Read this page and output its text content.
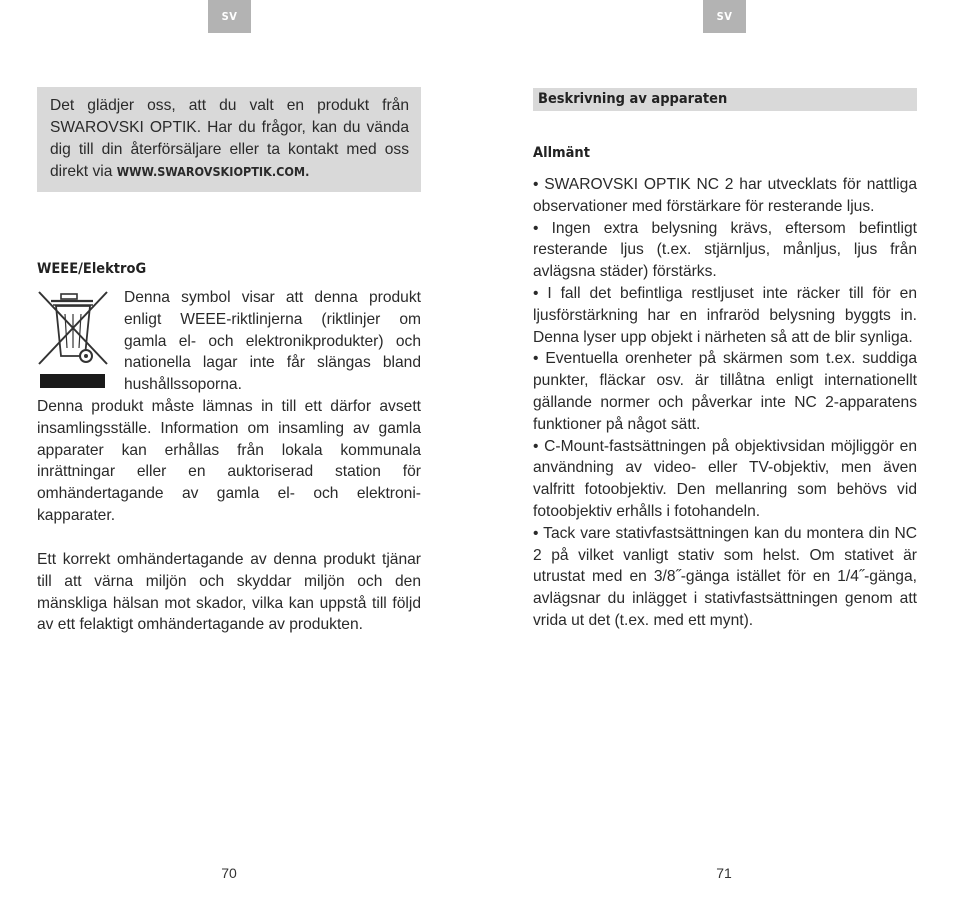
SV

Det glädjer oss, att du valt en produkt från SWAROVSKI OPTIK. Har du frågor, kan du vända dig till din återförsäljare eller ta kontakt med oss direkt via WWW.SWAROVSKIOPTIK.COM.

WEEE/ElektroG

Denna symbol visar att denna produkt enligt WEEE-riktlinjerna (riktlinjer om gamla el- och elektronikprodukter) och nationella lagar inte får slängas bland hushållssoporna.

Denna produkt måste lämnas in till ett därfor avsett insamlingsställe. Information om insamling av gamla apparater kan erhållas från lokala kommunala inrättningar eller en auktoriserad station för omhändertagande av gamla el- och elektronikapparater.

Ett korrekt omhändertagande av denna produkt tjänar till att värna miljön och skyddar miljön och den mänskliga hälsan mot skador, vilka kan uppstå till följd av ett felaktigt omhändertagande av produkten.

70
SV
Beskrivning av apparaten
Allmänt

• SWAROVSKI OPTIK NC 2 har utvecklats för nattliga observationer med förstärkare för resterande ljus.

• Ingen extra belysning krävs, eftersom befintligt resterande ljus (t.ex. stjärnljus, månljus, ljus från avlägsna städer) förstärks.

• I fall det befintliga restljuset inte räcker till för en ljusförstärkning har en infraröd belysning byggts in. Denna lyser upp objekt i närheten så att de blir synliga.

• Eventuella orenheter på skärmen som t.ex. suddiga punkter, fläckar osv. är tillåtna enligt internationellt gällande normer och påverkar inte NC 2-apparatens funktioner på något sätt.

• C-Mount-fastsättningen på objektivsidan möjliggör en användning av video- eller TV-objektiv, men även valfritt fotoobjektiv. Den mellanring som behövs vid fotoobjektiv erhålls i fotohandeln.

• Tack vare stativfastsättningen kan du montera din NC 2 på vilket vanligt stativ som helst. Om stativet är utrustat med en 3/8˝-gänga istället för en 1/4˝-gänga, avlägsnar du inlägget i stativfastsättningen genom att vrida ut det (t.ex. med ett mynt).

71
